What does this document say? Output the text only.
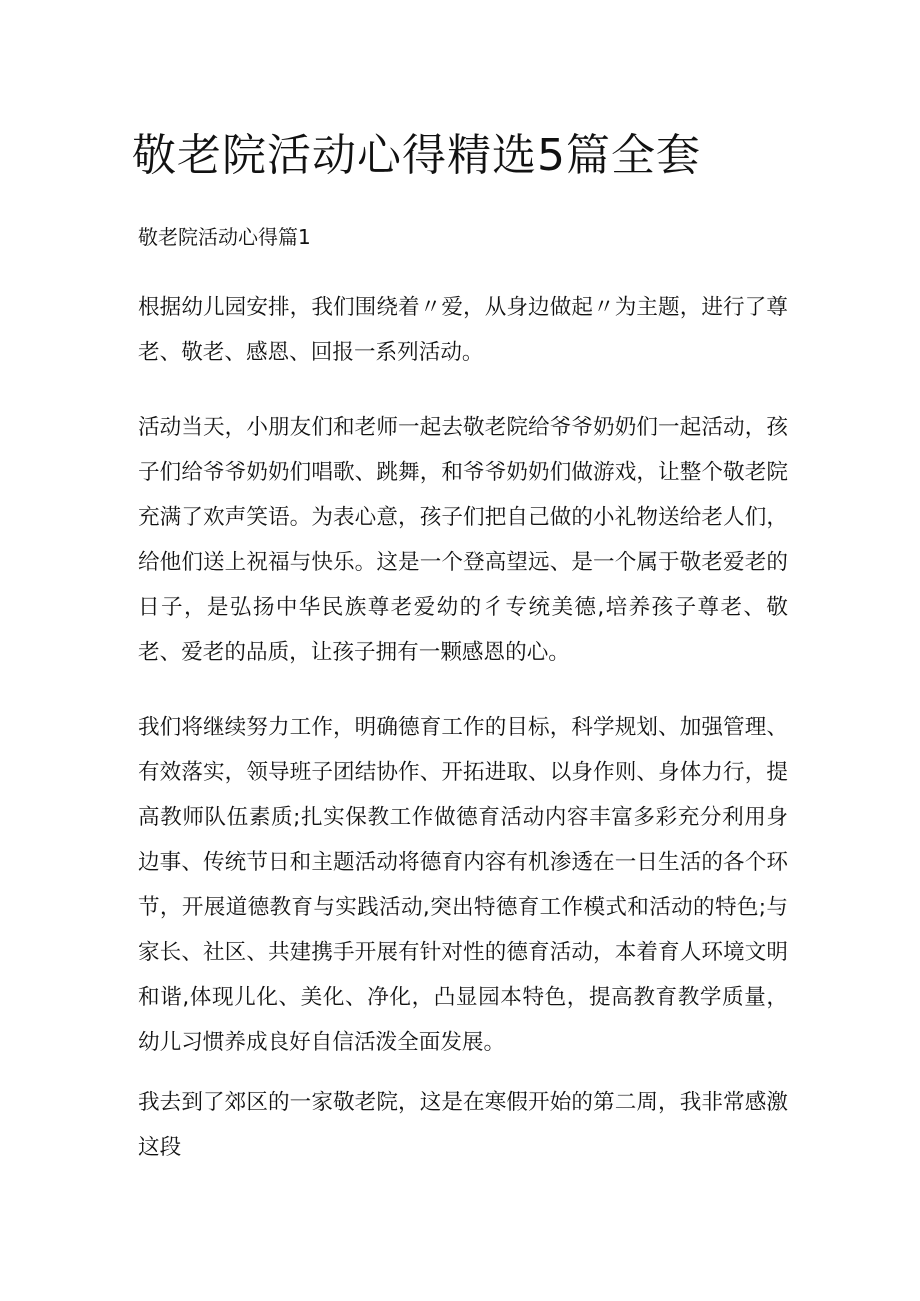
敬老院活动心得精选5篇全套
敬老院活动心得篇1

根据幼儿园安排，我们围绕着〃爱，从身边做起〃为主题，进行了尊老、敬老、感恩、回报一系列活动。

活动当天，小朋友们和老师一起去敬老院给爷爷奶奶们一起活动，孩子们给爷爷奶奶们唱歌、跳舞，和爷爷奶奶们做游戏，让整个敬老院充满了欢声笑语。为表心意，孩子们把自己做的小礼物送给老人们，给他们送上祝福与快乐。这是一个登高望远、是一个属于敬老爱老的日子，是弘扬中华民族尊老爱幼的彳专统美德,培养孩子尊老、敬老、爱老的品质，让孩子拥有一颗感恩的心。

我们将继续努力工作，明确德育工作的目标，科学规划、加强管理、有效落实，领导班子团结协作、开拓进取、以身作则、身体力行，提高教师队伍素质;扎实保教工作做德育活动内容丰富多彩充分利用身边事、传统节日和主题活动将德育内容有机渗透在一日生活的各个环节，开展道德教育与实践活动,突出特德育工作模式和活动的特色;与家长、社区、共建携手开展有针对性的德育活动，本着育人环境文明和谐,体现儿化、美化、净化，凸显园本特色，提高教育教学质量，幼儿习惯养成良好自信活泼全面发展。

我去到了郊区的一家敬老院，这是在寒假开始的第二周，我非常感激这段
